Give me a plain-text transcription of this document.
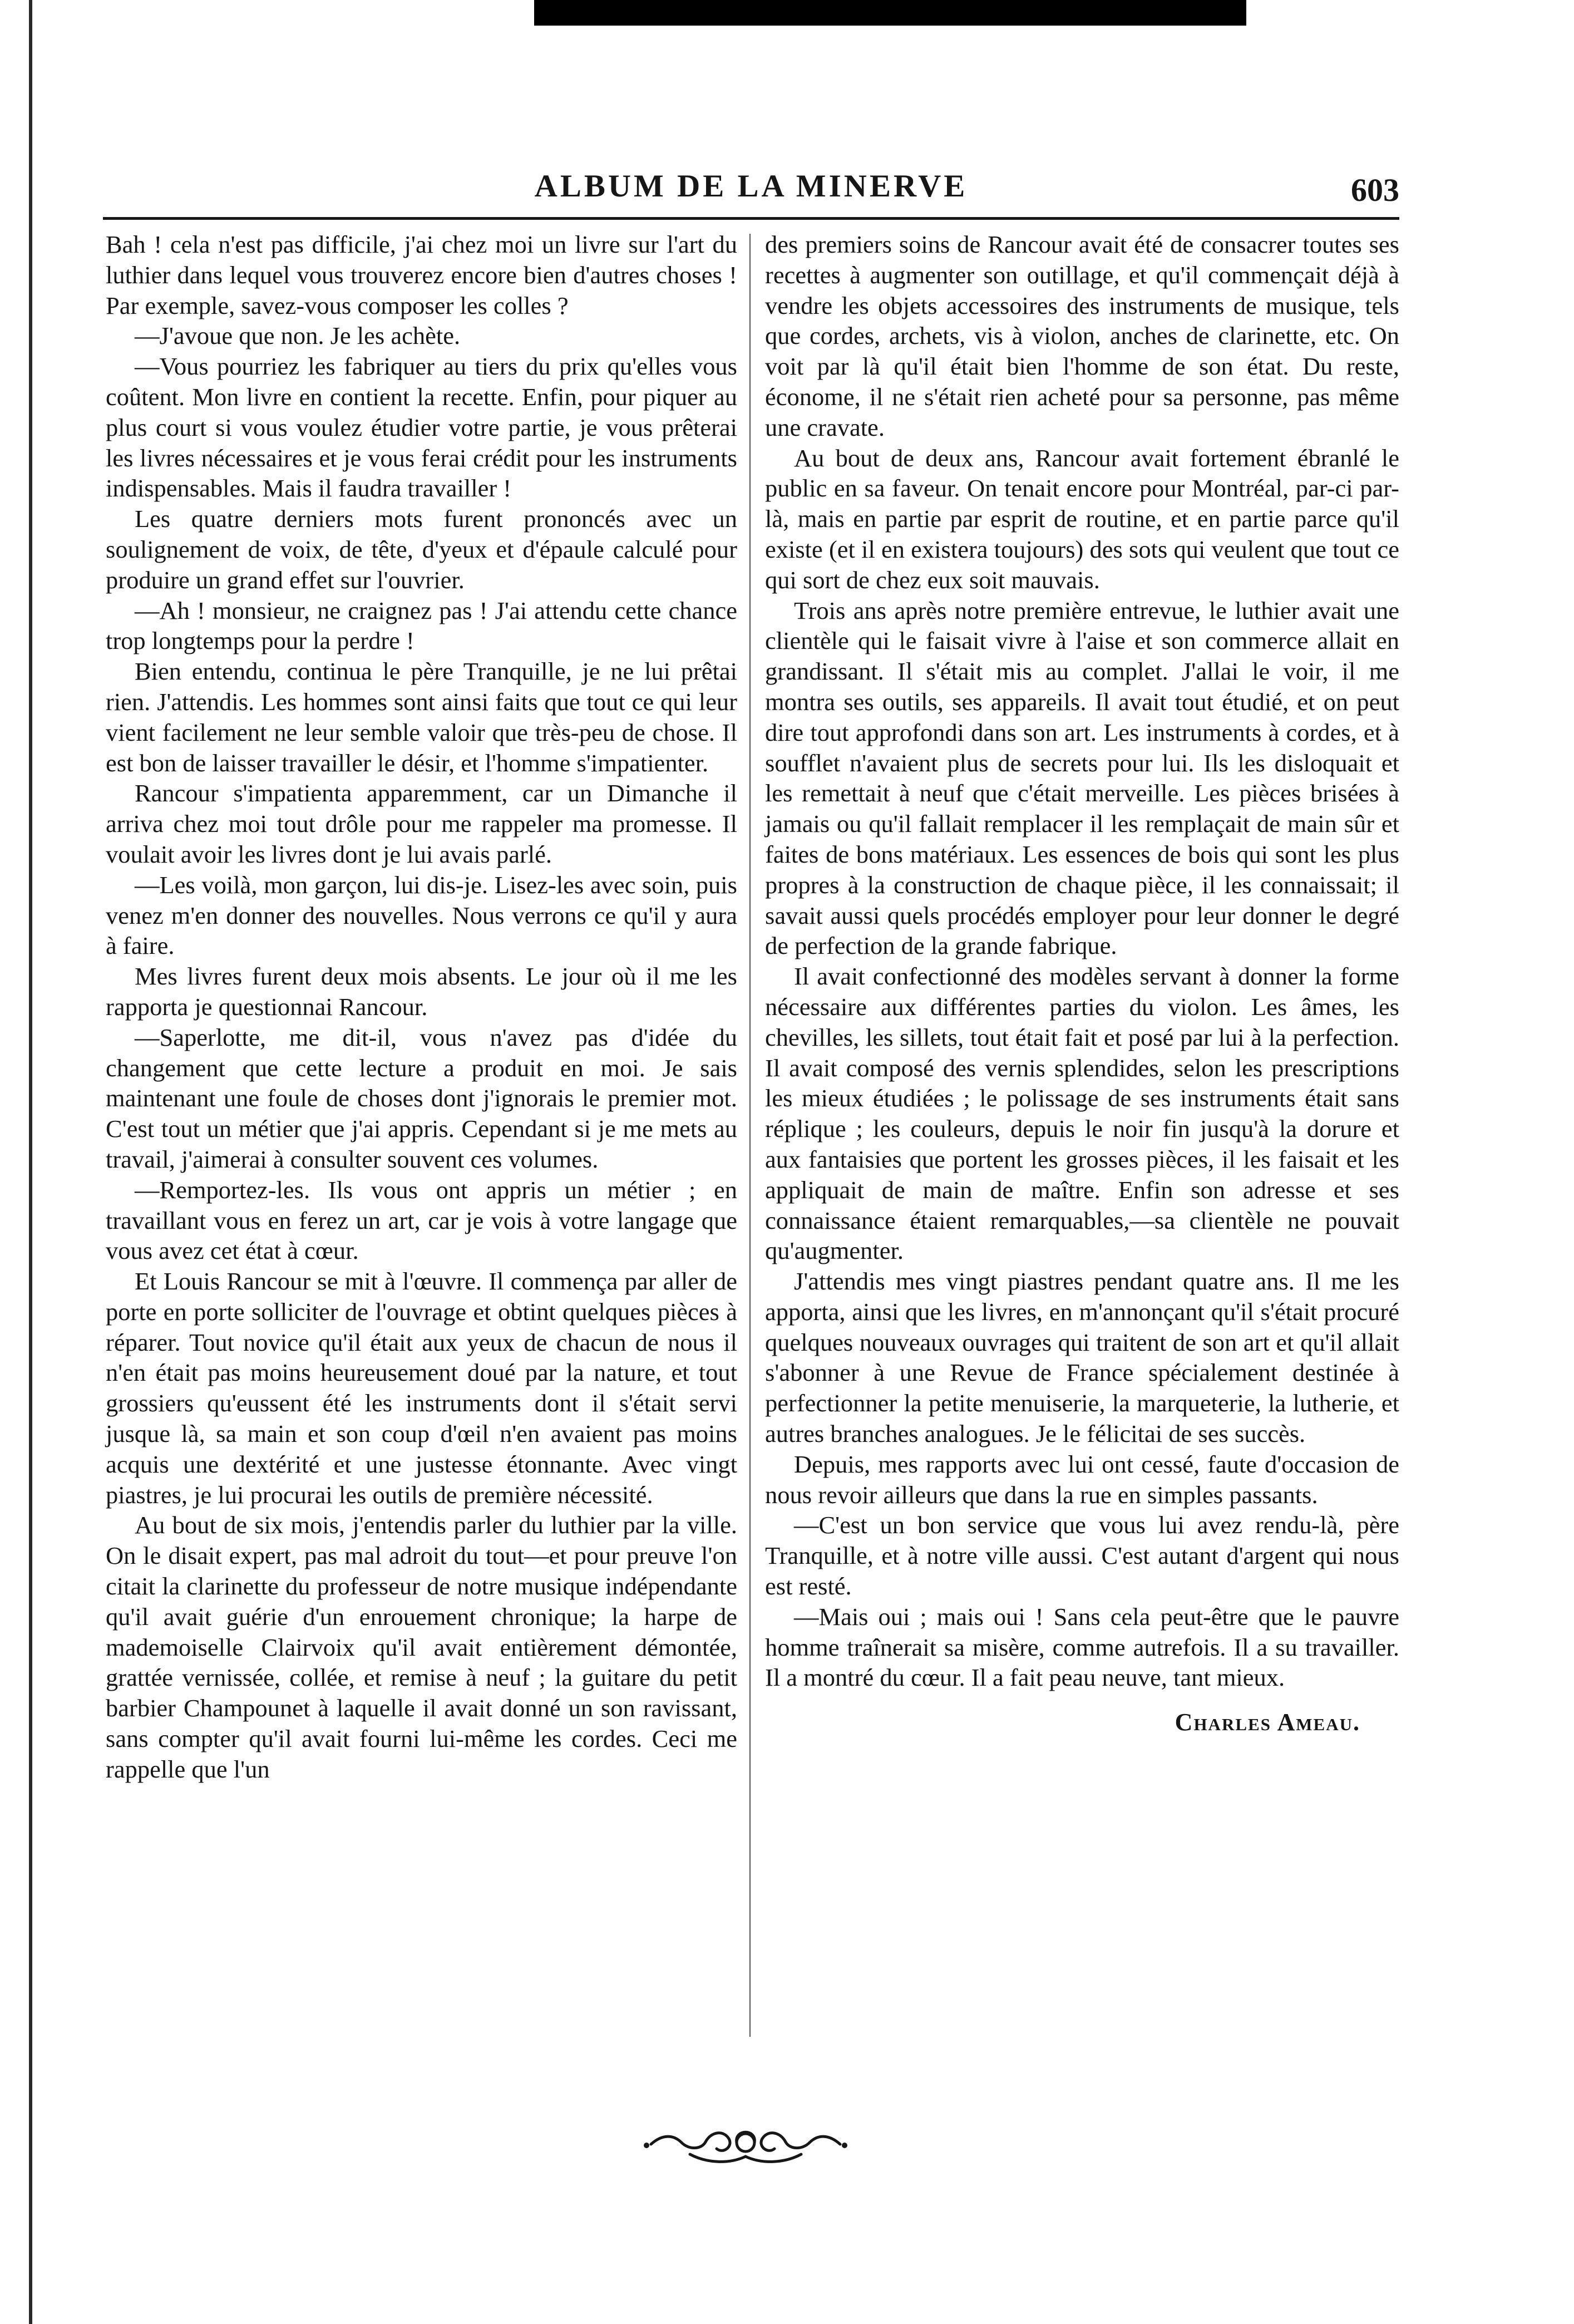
ALBUM DE LA MINERVE	603

Bah ! cela n'est pas difficile, j'ai chez moi un livre sur l'art du luthier dans lequel vous trouverez encore bien d'autres choses ! Par exemple, savez-vous composer les colles ?

—J'avoue que non. Je les achète.

—Vous pourriez les fabriquer au tiers du prix qu'elles vous coûtent. Mon livre en contient la recette. Enfin, pour piquer au plus court si vous voulez étudier votre partie, je vous prêterai les livres nécessaires et je vous ferai crédit pour les instruments indispensables. Mais il faudra travailler !

Les quatre derniers mots furent prononcés avec un soulignement de voix, de tête, d'yeux et d'épaule calculé pour produire un grand effet sur l'ouvrier.

—Ah ! monsieur, ne craignez pas ! J'ai attendu cette chance trop longtemps pour la perdre !

Bien entendu, continua le père Tranquille, je ne lui prêtai rien. J'attendis. Les hommes sont ainsi faits que tout ce qui leur vient facilement ne leur semble valoir que très-peu de chose. Il est bon de laisser travailler le désir, et l'homme s'impatienter.

Rancour s'impatienta apparemment, car un Dimanche il arriva chez moi tout drôle pour me rappeler ma promesse. Il voulait avoir les livres dont je lui avais parlé.

—Les voilà, mon garçon, lui dis-je. Lisez-les avec soin, puis venez m'en donner des nouvelles. Nous verrons ce qu'il y aura à faire.

Mes livres furent deux mois absents. Le jour où il me les rapporta je questionnai Rancour.

—Saperlotte, me dit-il, vous n'avez pas d'idée du changement que cette lecture a produit en moi. Je sais maintenant une foule de choses dont j'ignorais le premier mot. C'est tout un métier que j'ai appris. Cependant si je me mets au travail, j'aimerai à consulter souvent ces volumes.

—Remportez-les. Ils vous ont appris un métier ; en travaillant vous en ferez un art, car je vois à votre langage que vous avez cet état à cœur.

Et Louis Rancour se mit à l'œuvre. Il commença par aller de porte en porte solliciter de l'ouvrage et obtint quelques pièces à réparer. Tout novice qu'il était aux yeux de chacun de nous il n'en était pas moins heureusement doué par la nature, et tout grossiers qu'eussent été les instruments dont il s'était servi jusque là, sa main et son coup d'œil n'en avaient pas moins acquis une dextérité et une justesse étonnante. Avec vingt piastres, je lui procurai les outils de première nécessité.

Au bout de six mois, j'entendis parler du luthier par la ville. On le disait expert, pas mal adroit du tout—et pour preuve l'on citait la clarinette du professeur de notre musique indépendante qu'il avait guérie d'un enrouement chronique; la harpe de mademoiselle Clairvoix qu'il avait entièrement démontée, grattée vernissée, collée, et remise à neuf ; la guitare du petit barbier Champounet à laquelle il avait donné un son ravissant, sans compter qu'il avait fourni lui-même les cordes. Ceci me rappelle que l'un

des premiers soins de Rancour avait été de consacrer toutes ses recettes à augmenter son outillage, et qu'il commençait déjà à vendre les objets accessoires des instruments de musique, tels que cordes, archets, vis à violon, anches de clarinette, etc. On voit par là qu'il était bien l'homme de son état. Du reste, économe, il ne s'était rien acheté pour sa personne, pas même une cravate.

Au bout de deux ans, Rancour avait fortement ébranlé le public en sa faveur. On tenait encore pour Montréal, par-ci par-là, mais en partie par esprit de routine, et en partie parce qu'il existe (et il en existera toujours) des sots qui veulent que tout ce qui sort de chez eux soit mauvais.

Trois ans après notre première entrevue, le luthier avait une clientèle qui le faisait vivre à l'aise et son commerce allait en grandissant. Il s'était mis au complet. J'allai le voir, il me montra ses outils, ses appareils. Il avait tout étudié, et on peut dire tout approfondi dans son art. Les instruments à cordes, et à soufflet n'avaient plus de secrets pour lui. Ils les disloquait et les remettait à neuf que c'était merveille. Les pièces brisées à jamais ou qu'il fallait remplacer il les remplaçait de main sûr et faites de bons matériaux. Les essences de bois qui sont les plus propres à la construction de chaque pièce, il les connaissait; il savait aussi quels procédés employer pour leur donner le degré de perfection de la grande fabrique.

Il avait confectionné des modèles servant à donner la forme nécessaire aux différentes parties du violon. Les âmes, les chevilles, les sillets, tout était fait et posé par lui à la perfection. Il avait composé des vernis splendides, selon les prescriptions les mieux étudiées ; le polissage de ses instruments était sans réplique ; les couleurs, depuis le noir fin jusqu'à la dorure et aux fantaisies que portent les grosses pièces, il les faisait et les appliquait de main de maître. Enfin son adresse et ses connaissance étaient remarquables,—sa clientèle ne pouvait qu'augmenter.

J'attendis mes vingt piastres pendant quatre ans. Il me les apporta, ainsi que les livres, en m'annonçant qu'il s'était procuré quelques nouveaux ouvrages qui traitent de son art et qu'il allait s'abonner à une Revue de France spécialement destinée à perfectionner la petite menuiserie, la marqueterie, la lutherie, et autres branches analogues. Je le félicitai de ses succès.

Depuis, mes rapports avec lui ont cessé, faute d'occasion de nous revoir ailleurs que dans la rue en simples passants.

—C'est un bon service que vous lui avez rendu-là, père Tranquille, et à notre ville aussi. C'est autant d'argent qui nous est resté.

—Mais oui ; mais oui ! Sans cela peut-être que le pauvre homme traînerait sa misère, comme autrefois. Il a su travailler. Il a montré du cœur. Il a fait peau neuve, tant mieux.

Charles Ameau.
